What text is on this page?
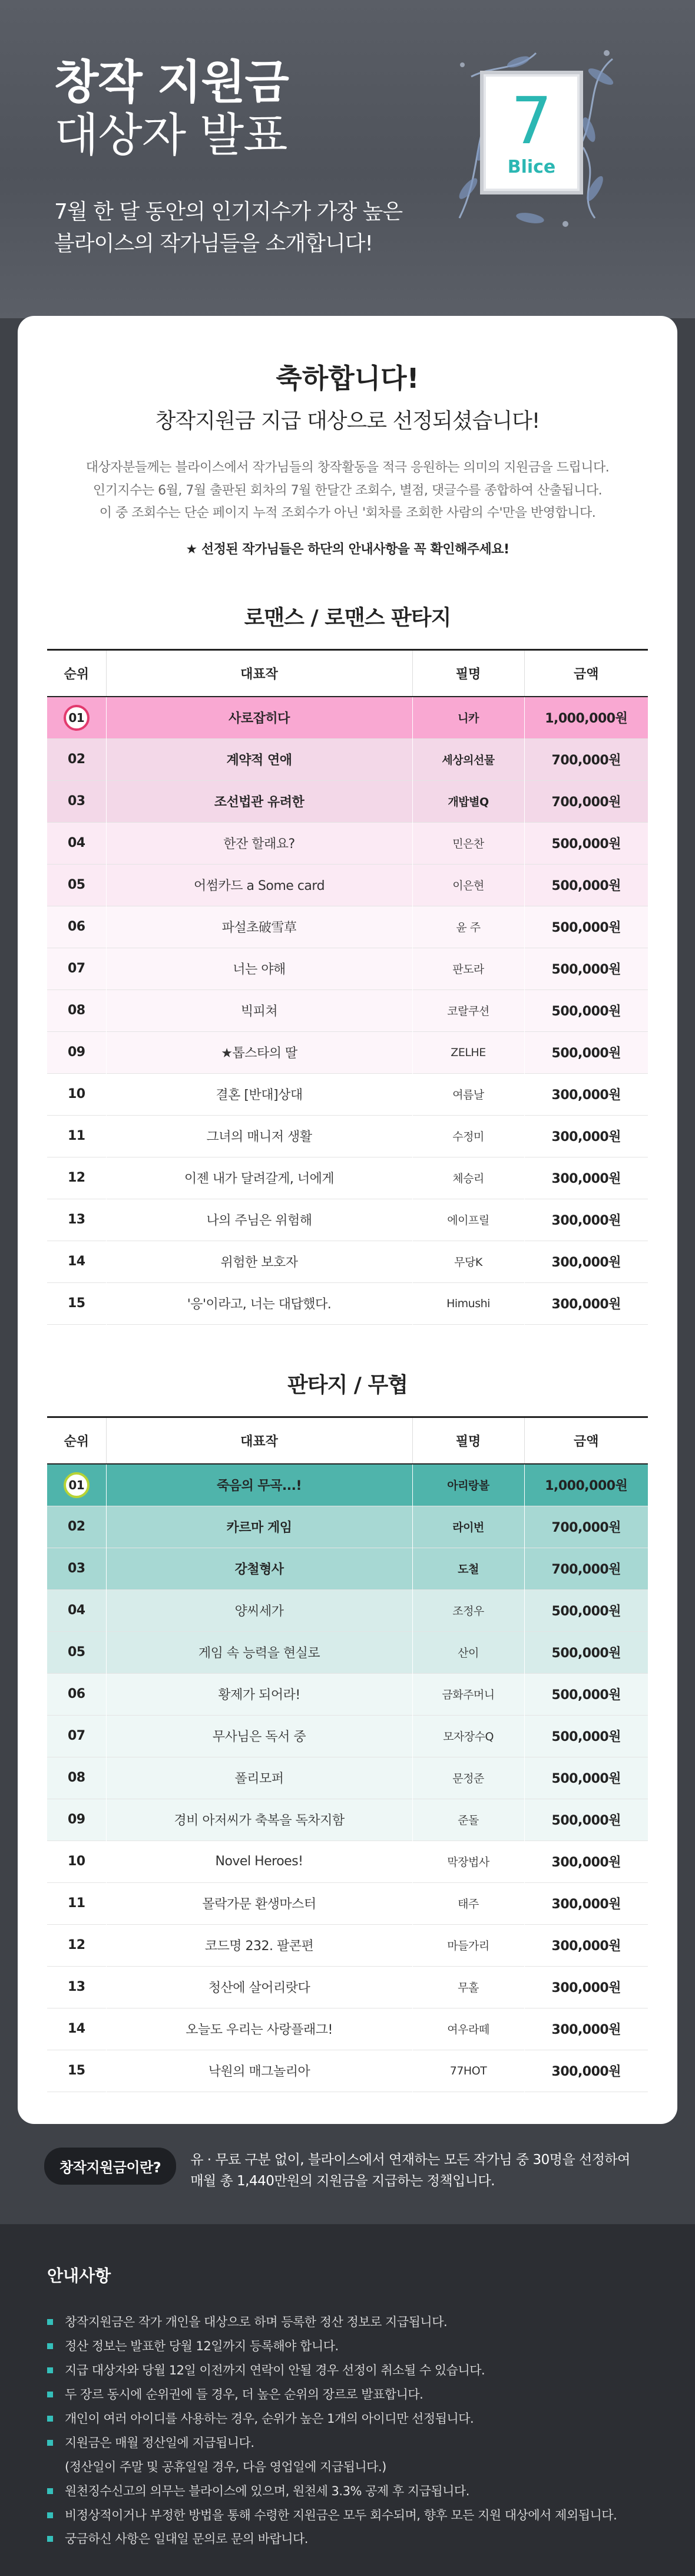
창작 지원금
대상자 발표
7월 한 달 동안의 인기지수가 가장 높은
블라이스의 작가님들을 소개합니다!
7
Blice
축하합니다!
창작지원금 지급 대상으로 선정되셨습니다!
대상자분들께는 블라이스에서 작가님들의 창작활동을 적극 응원하는 의미의 지원금을 드립니다.
인기지수는 6월, 7월 출판된 회차의 7월 한달간 조회수, 별점, 댓글수를 종합하여 산출됩니다.
이 중 조회수는 단순 페이지 누적 조회수가 아닌 '회차를 조회한 사람의 수'만을 반영합니다.
★ 선정된 작가님들은 하단의 안내사항을 꼭 확인해주세요!
로맨스 / 로맨스 판타지
순위	대표작	필명	금액
01	사로잡히다	니카	1,000,000원
02	계약적 연애	세상의선물	700,000원
03	조선법관 유려한	개밥별Q	700,000원
04	한잔 할래요?	민은찬	500,000원
05	어썸카드 a Some card	이은현	500,000원
06	파설초破雪草	윤 주	500,000원
07	너는 야해	판도라	500,000원
08	빅피쳐	코랄쿠션	500,000원
09	★톱스타의 딸	ZELHE	500,000원
10	결혼 [반대]상대	여름날	300,000원
11	그녀의 매니저 생활	수정미	300,000원
12	이젠 내가 달려갈게, 너에게	체승리	300,000원
13	나의 주님은 위험해	에이프릴	300,000원
14	위험한 보호자	무당K	300,000원
15	'응'이라고, 너는 대답했다.	Himushi	300,000원
판타지 / 무협
순위	대표작	필명	금액
01	죽음의 무곡...!	아리랑볼	1,000,000원
02	카르마 게임	라이번	700,000원
03	강철형사	도철	700,000원
04	양씨세가	조정우	500,000원
05	게임 속 능력을 현실로	산이	500,000원
06	황제가 되어라!	금화주머니	500,000원
07	무사님은 독서 중	모자장수Q	500,000원
08	폴리모퍼	문정준	500,000원
09	경비 아저씨가 축복을 독차지함	준돌	500,000원
10	Novel Heroes!	막장법사	300,000원
11	몰락가문 환생마스터	태주	300,000원
12	코드명 232. 팔콘편	마들가리	300,000원
13	청산에 살어리랏다	무홀	300,000원
14	오늘도 우리는 사랑플래그!	여우라떼	300,000원
15	낙원의 매그놀리아	77HOT	300,000원
창작지원금이란?	유 · 무료 구분 없이, 블라이스에서 연재하는 모든 작가님 중 30명을 선정하여
매월 총 1,440만원의 지원금을 지급하는 정책입니다.
안내사항
창작지원금은 작가 개인을 대상으로 하며 등록한 정산 정보로 지급됩니다.
정산 정보는 발표한 당월 12일까지 등록해야 합니다.
지급 대상자와 당월 12일 이전까지 연락이 안될 경우 선정이 취소될 수 있습니다.
두 장르 동시에 순위권에 들 경우, 더 높은 순위의 장르로 발표합니다.
개인이 여러 아이디를 사용하는 경우, 순위가 높은 1개의 아이디만 선정됩니다.
지원금은 매월 정산일에 지급됩니다.
(정산일이 주말 및 공휴일일 경우, 다음 영업일에 지급됩니다.)
원천징수신고의 의무는 블라이스에 있으며, 원천세 3.3% 공제 후 지급됩니다.
비정상적이거나 부정한 방법을 통해 수령한 지원금은 모두 회수되며, 향후 모든 지원 대상에서 제외됩니다.
궁금하신 사항은 일대일 문의로 문의 바랍니다.
